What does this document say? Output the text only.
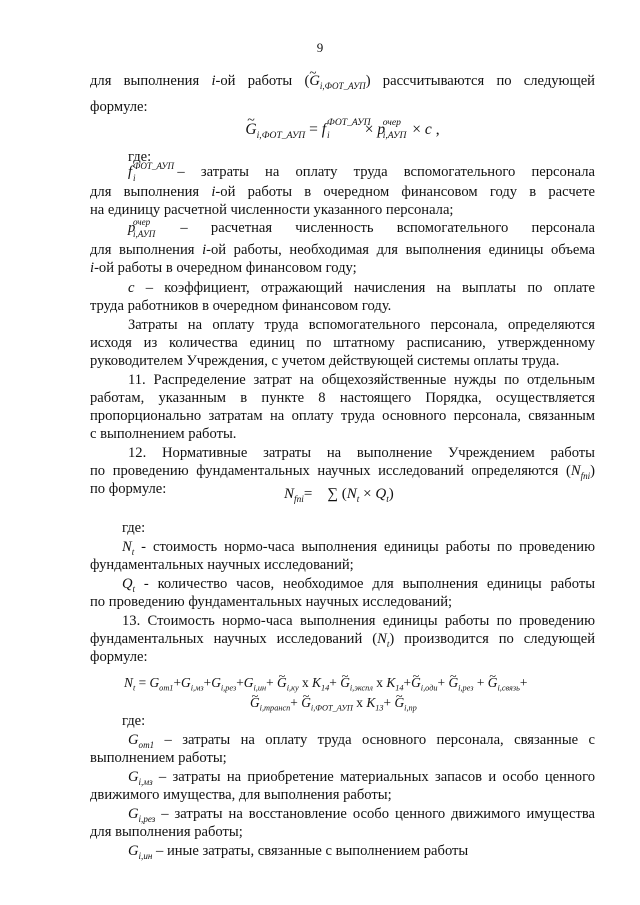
9
для выполнения i-ой работы (~ $G_{i,ФОТ\_АУП}$) рассчитываются по следующей
формуле:
~ $G_{i,ФОТ\_АУП} = f$ ФОТ_АУП
i × p
очер
i,АУП × c ,
где:
f ФОТ_АУП
i – затраты на оплату труда вспомогательного персонала
для выполнения i-ой работы в очередном финансовом году в расчете
на единицу расчетной численности указанного персонала;
p
очер
i,АУП – расчетная численность вспомогательного персонала
для выполнения i-ой работы, необходимая для выполнения единицы объема
i-ой работы в очередном финансовом году;
c – коэффициент, отражающий начисления на выплаты по оплате
труда работников в очередном финансовом году.
Затраты на оплату труда вспомогательного персонала, определяются
исходя из количества единиц по штатному расписанию, утвержденному
руководителем Учреждения, с учетом действующей системы оплаты труда.
11. Распределение затрат на общехозяйственные нужды по отдельным
работам, указанным в пункте 8 настоящего Порядка, осуществляется
пропорционально затратам на оплату труда основного персонала, связанным
с выполнением работы.
12. Нормативные затраты на выполнение Учреждением работы
по проведению фундаментальных научных исследований определяются $(N_{fni})$
по формуле:	$N_{fni}=$    ∑ $(N_t \times Q_t)$
где:
$N_t$ - стоимость нормо-часа выполнения единицы работы по проведению
фундаментальных научных исследований;
$Q_t$ - количество часов, необходимое для выполнения единицы работы
по проведению фундаментальных научных исследований;
13. Стоимость нормо-часа выполнения единицы работы по проведению
фундаментальных научных исследований $(N_t)$ производится по следующей
формуле:
$N_t = G_{от1}+G_{i,мз}+G_{i,рез}+G_{i,ин}+$ ~ $G_{i,ку}$ x $K_{14}+$ ~ $G_{i,экспл}$ x $K_{14}+\sim$ $G_{i,оди}+$ ~ $G_{i,рез}$ + ~ $G_{i,связь}+$
~ $G_{i,трансп}+$ ~ $G_{i,ФОТ\_АУП}$ x $K_{13}+$ ~ $G_{i,пр}$
где:
$G_{от1}$ – затраты на оплату труда основного персонала, связанные с
выполнением работы;
$G_{i,мз}$ – затраты на приобретение материальных запасов и особо ценного
движимого имущества, для выполнения работы;
$G_{i,рез}$ – затраты на восстановление особо ценного движимого имущества
для выполнения работы;
$G_{i,ин}$ – иные затраты, связанные с выполнением работы
